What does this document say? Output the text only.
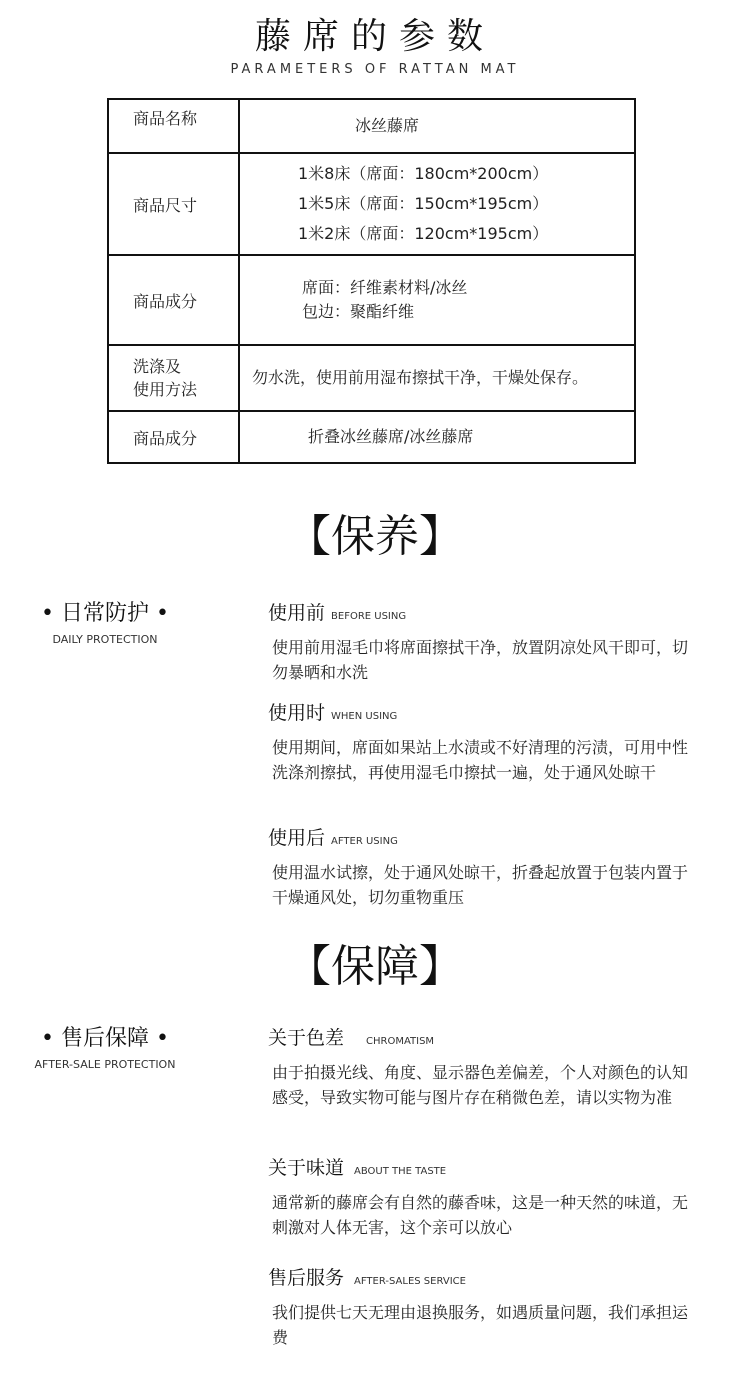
藤席的参数
PARAMETERS OF RATTAN MAT
商品名称	冰丝藤席

商品尺寸	1米8床（席面：180cm*200cm）
1米5床（席面：150cm*195cm）
1米2床（席面：120cm*195cm）

商品成分	席面：纤维素材料/冰丝
包边：聚酯纤维

洗涤及
使用方法	勿水洗，使用前用湿布擦拭干净，干燥处保存。

商品成分	折叠冰丝藤席/冰丝藤席
【保养】
• 日常防护 •
DAILY PROTECTION
使用前 BEFORE USING
使用前用湿毛巾将席面擦拭干净，放置阴凉处风干即可，切勿暴晒和水洗
使用时 WHEN USING
使用期间，席面如果站上水渍或不好清理的污渍，可用中性洗涤剂擦拭，再使用湿毛巾擦拭一遍，处于通风处晾干
使用后 AFTER USING
使用温水试擦，处于通风处晾干，折叠起放置于包装内置于干燥通风处，切勿重物重压
【保障】
• 售后保障 •
AFTER-SALE PROTECTION
关于色差 CHROMATISM
由于拍摄光线、角度、显示器色差偏差，个人对颜色的认知感受，导致实物可能与图片存在稍微色差，请以实物为准
关于味道 ABOUT THE TASTE
通常新的藤席会有自然的藤香味，这是一种天然的味道，无刺激对人体无害，这个亲可以放心
售后服务 AFTER-SALES SERVICE
我们提供七天无理由退换服务，如遇质量问题，我们承担运费
